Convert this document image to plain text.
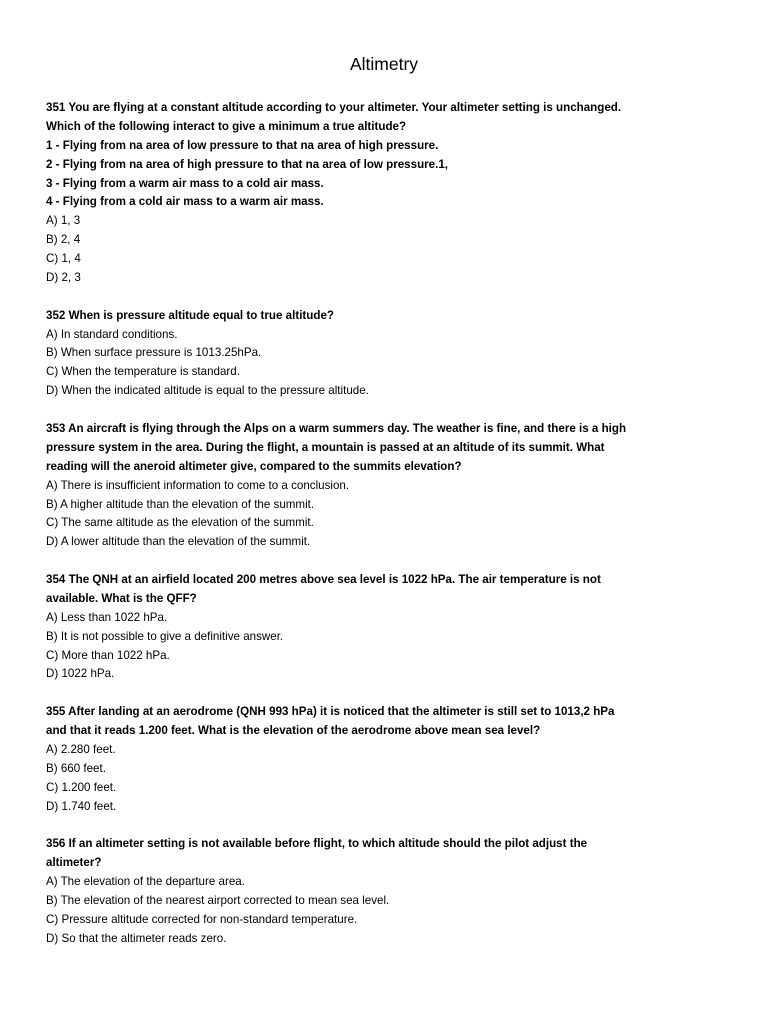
Altimetry
351 You are flying at a constant altitude according to your altimeter. Your altimeter setting is unchanged.
Which of the following interact to give a minimum a true altitude?
1 - Flying from na area of low pressure to that na area of high pressure.
2 - Flying from na area of high pressure to that na area of low pressure.1,
3 - Flying from a warm air mass to a cold air mass.
4 - Flying from a cold air mass to a warm air mass.
A) 1, 3
B) 2, 4
C) 1, 4
D) 2, 3
352 When is pressure altitude equal to true altitude?
A) In standard conditions.
B) When surface pressure is 1013.25hPa.
C) When the temperature is standard.
D) When the indicated altitude is equal to the pressure altitude.
353 An aircraft is flying through the Alps on a warm summers day. The weather is fine, and there is a high
pressure system in the area. During the flight, a mountain is passed at an altitude of its summit. What
reading will the aneroid altimeter give, compared to the summits elevation?
A) There is insufficient information to come to a conclusion.
B) A higher altitude than the elevation of the summit.
C) The same altitude as the elevation of the summit.
D) A lower altitude than the elevation of the summit.
354 The QNH at an airfield located 200 metres above sea level is 1022 hPa. The air temperature is not
available. What is the QFF?
A) Less than 1022 hPa.
B) It is not possible to give a definitive answer.
C) More than 1022 hPa.
D) 1022 hPa.
355 After landing at an aerodrome (QNH 993 hPa) it is noticed that the altimeter is still set to 1013,2 hPa
and that it reads 1.200 feet. What is the elevation of the aerodrome above mean sea level?
A) 2.280 feet.
B) 660 feet.
C) 1.200 feet.
D) 1.740 feet.
356 If an altimeter setting is not available before flight, to which altitude should the pilot adjust the
altimeter?
A) The elevation of the departure area.
B) The elevation of the nearest airport corrected to mean sea level.
C) Pressure altitude corrected for non-standard temperature.
D) So that the altimeter reads zero.
